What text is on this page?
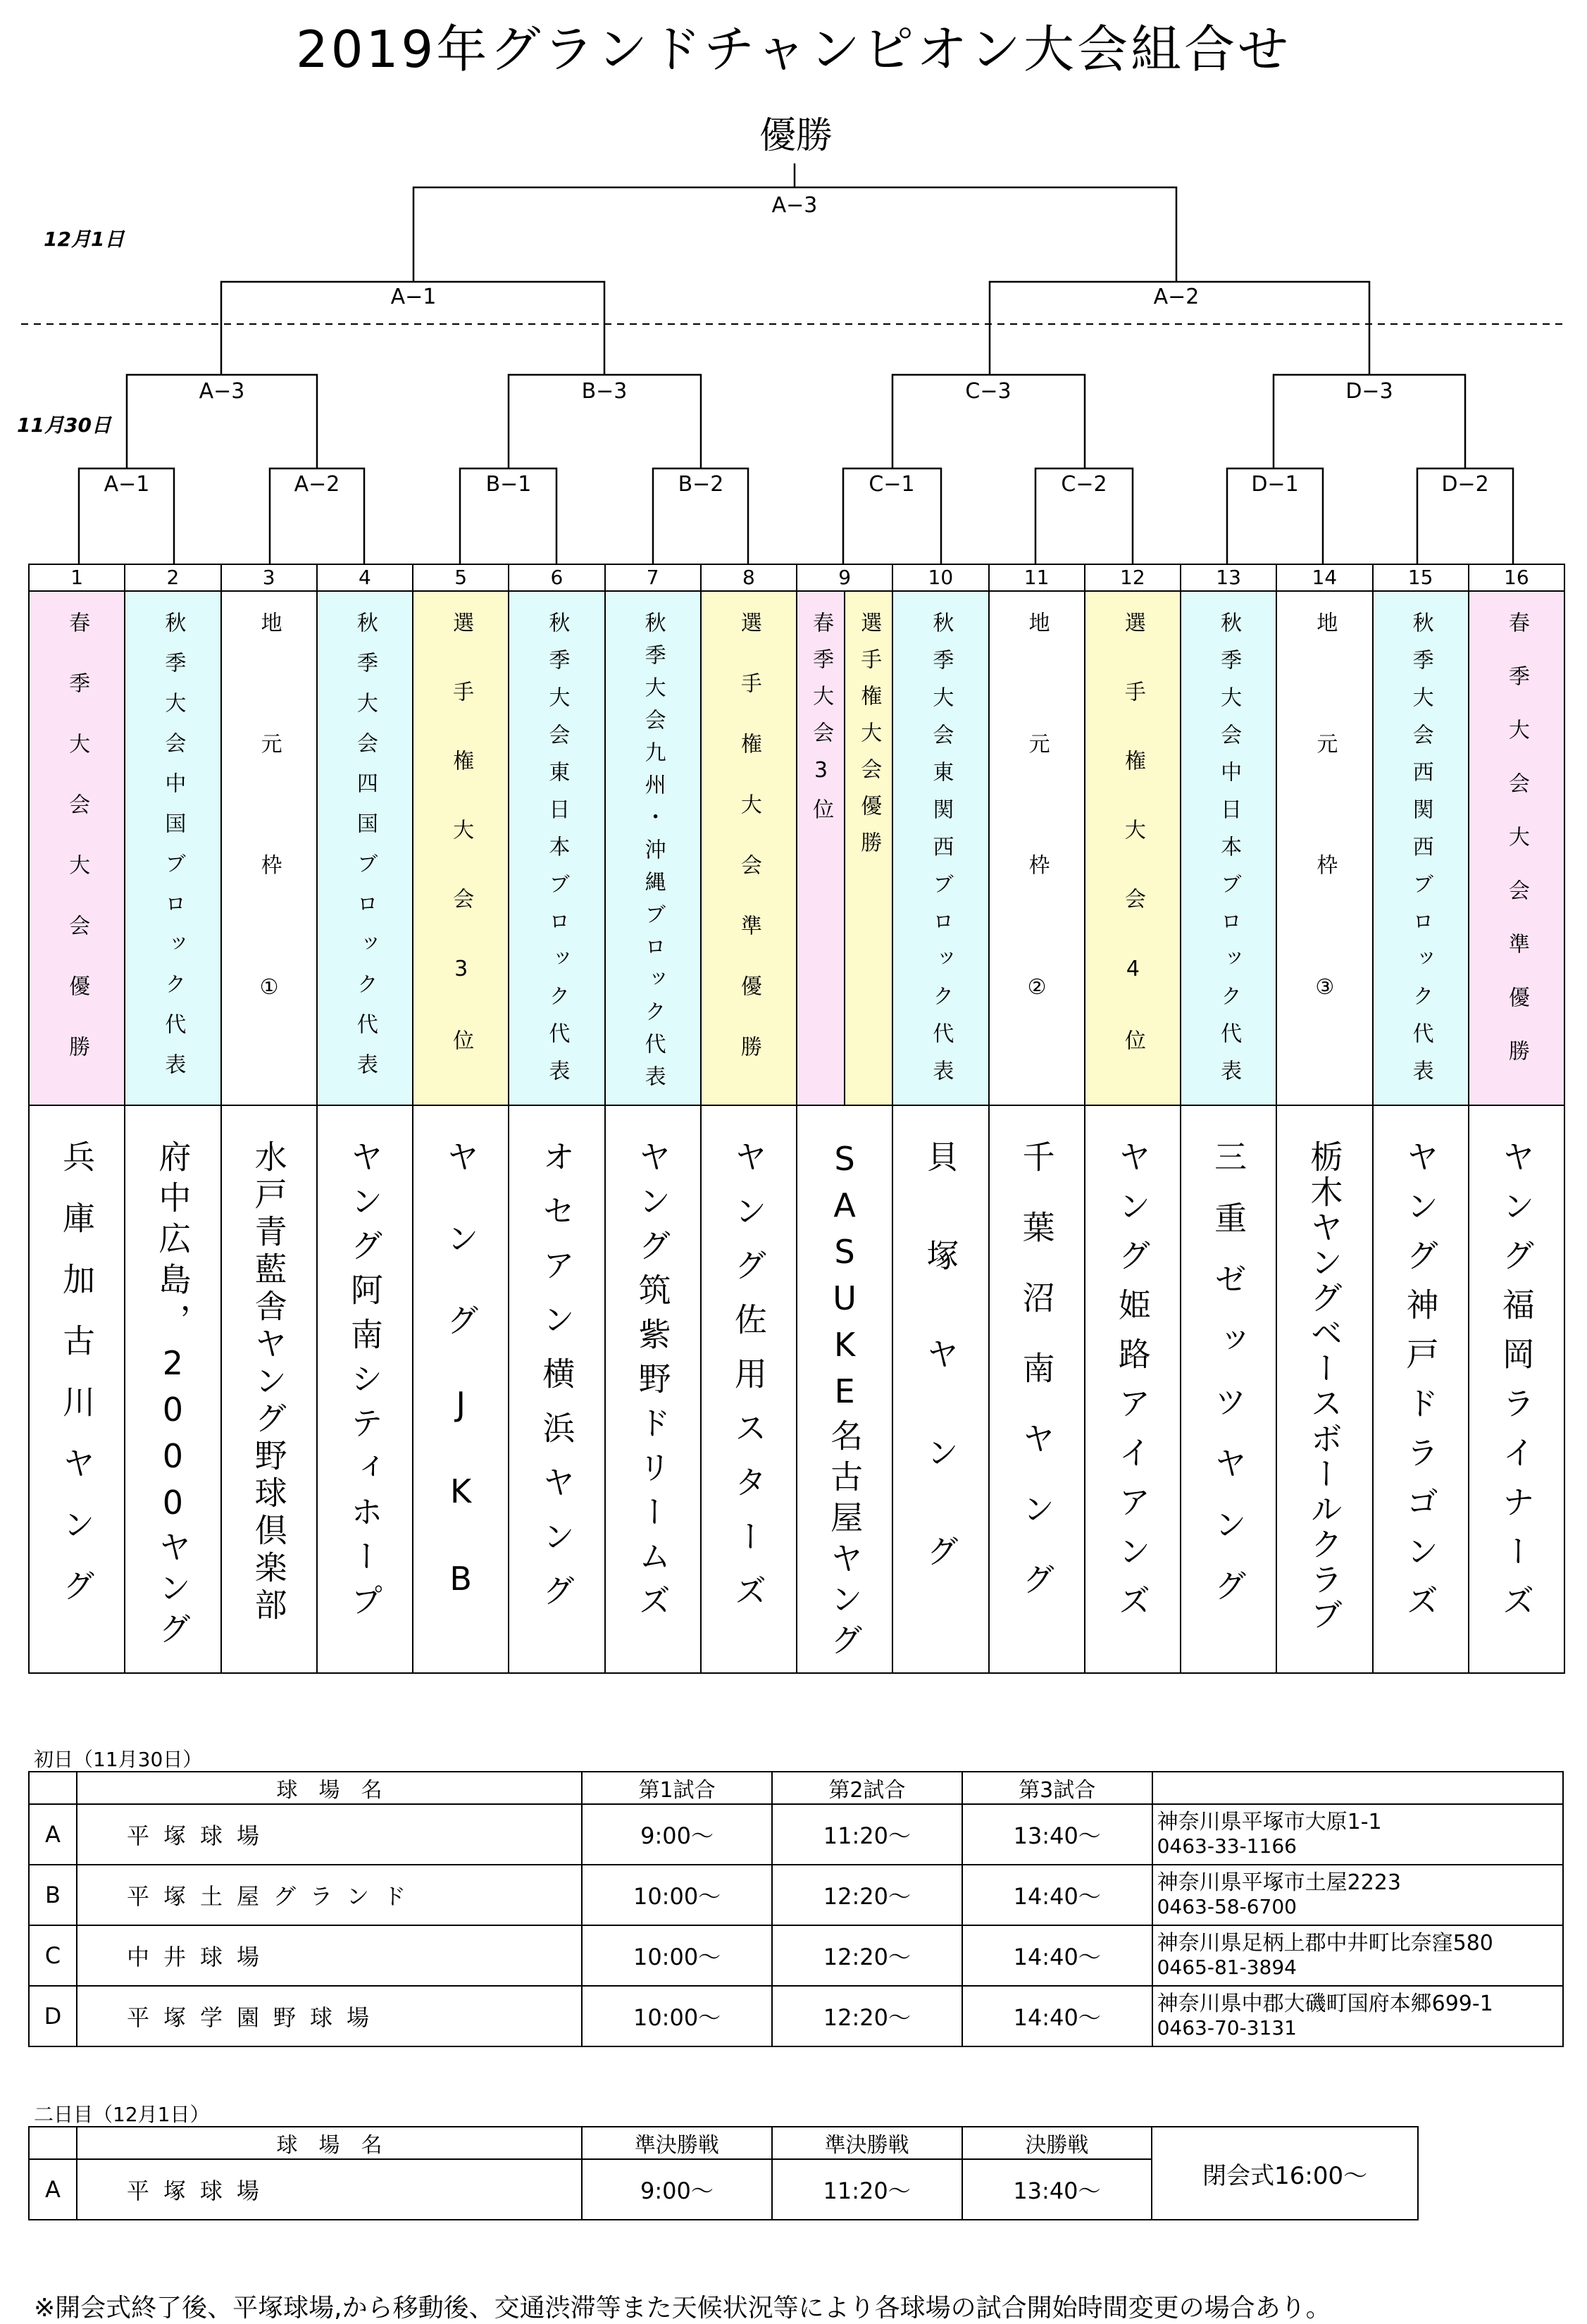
2019年グランドチャンピオン大会組合せ
優勝
12月1日
11月30日
A−3
A−1	A−2
A−3	B−3	C−3	D−3
A−1	A−2	B−1	B−2	C−1	C−2	D−1	D−2
1
春季大会大会優勝
兵庫加古川ヤング
2
秋季大会中国ブロック代表
府中広島，2000ヤング
3
地元枠①
水戸青藍舎ヤング野球倶楽部
4
秋季大会四国ブロック代表
ヤング阿南シティホープ
5
選手権大会3位
ヤングJKB
6
秋季大会東日本ブロック代表
オセアン横浜ヤング
7
秋季大会九州・沖縄ブロック代表
ヤング筑紫野ドリームズ
8
選手権大会準優勝
ヤング佐用スターズ
9
春季大会3位 選手権大会優勝
SASUKE名古屋ヤング
10
秋季大会東関西ブロック代表
貝塚ヤング
11
地元枠②
千葉沼南ヤング
12
選手権大会4位
ヤング姫路アイアンズ
13
秋季大会中日本ブロック代表
三重ゼッツヤング
14
地元枠③
栃木ヤングベースボールクラブ
15
秋季大会西関西ブロック代表
ヤング神戸ドラゴンズ
16
春季大会大会準優勝
ヤング福岡ライナーズ
初日（11月30日）
	球　場　名	第1試合	第2試合	第3試合	
A	平塚球場	9:00〜	11:20〜	13:40〜	神奈川県平塚市大原1-1
0463-33-1166

B	平塚土屋グランド	10:00〜	12:20〜	14:40〜	神奈川県平塚市土屋2223
0463-58-6700

C	中井球場	10:00〜	12:20〜	14:40〜	神奈川県足柄上郡中井町比奈窪580
0465-81-3894

D	平塚学園野球場	10:00〜	12:20〜	14:40〜	神奈川県中郡大磯町国府本郷699-1
0463-70-3131
二日目（12月1日）
	球　場　名	準決勝戦	準決勝戦	決勝戦	閉会式16:00〜
A	平塚球場	9:00〜	11:20〜	13:40〜	
※開会式終了後、平塚球場,から移動後、交通渋滞等また天候状況等により各球場の試合開始時間変更の場合あり。
